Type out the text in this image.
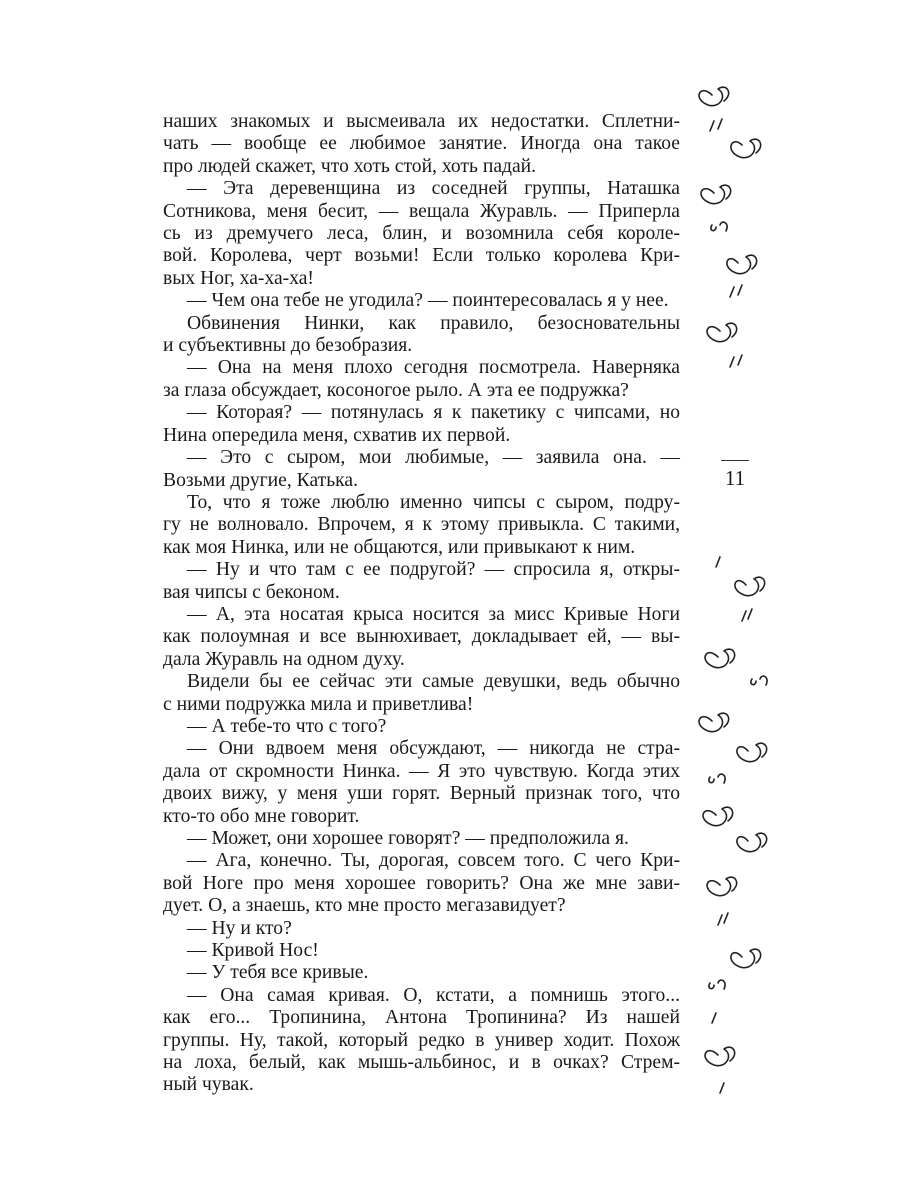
наших знакомых и высмеивала их недостатки. Сплетни-
чать — вообще ее любимое занятие. Иногда она такое
про людей скажет, что хоть стой, хоть падай.
— Эта деревенщина из соседней группы, Наташка
Сотникова, меня бесит, — вещала Журавль. — Приперла
сь из дремучего леса, блин, и возомнила себя короле-
вой. Королева, черт возьми! Если только королева Кри-
вых Ног, ха-ха-ха!
— Чем она тебе не угодила? — поинтересовалась я у нее.
Обвинения Нинки, как правило, безосновательны
и субъективны до безобразия.
— Она на меня плохо сегодня посмотрела. Наверняка
за глаза обсуждает, косоногое рыло. А эта ее подружка?
— Которая? — потянулась я к пакетику с чипсами, но
Нина опередила меня, схватив их первой.
— Это с сыром, мои любимые, — заявила она. —
Возьми другие, Катька.
То, что я тоже люблю именно чипсы с сыром, подру-
гу не волновало. Впрочем, я к этому привыкла. С такими,
как моя Нинка, или не общаются, или привыкают к ним.
— Ну и что там с ее подругой? — спросила я, откры-
вая чипсы с беконом.
— А, эта носатая крыса носится за мисс Кривые Ноги
как полоумная и все вынюхивает, докладывает ей, — вы-
дала Журавль на одном духу.
Видели бы ее сейчас эти самые девушки, ведь обычно
с ними подружка мила и приветлива!
— А тебе-то что с того?
— Они вдвоем меня обсуждают, — никогда не стра-
дала от скромности Нинка. — Я это чувствую. Когда этих
двоих вижу, у меня уши горят. Верный признак того, что
кто-то обо мне говорит.
— Может, они хорошее говорят? — предположила я.
— Ага, конечно. Ты, дорогая, совсем того. С чего Кри-
вой Ноге про меня хорошее говорить? Она же мне зави-
дует. О, а знаешь, кто мне просто мегазавидует?
— Ну и кто?
— Кривой Нос!
— У тебя все кривые.
— Она самая кривая. О, кстати, а помнишь этого...
как его... Тропинина, Антона Тропинина? Из нашей
группы. Ну, такой, который редко в универ ходит. Похож
на лоха, белый, как мышь-альбинос, и в очках? Стрем-
ный чувак.
11
